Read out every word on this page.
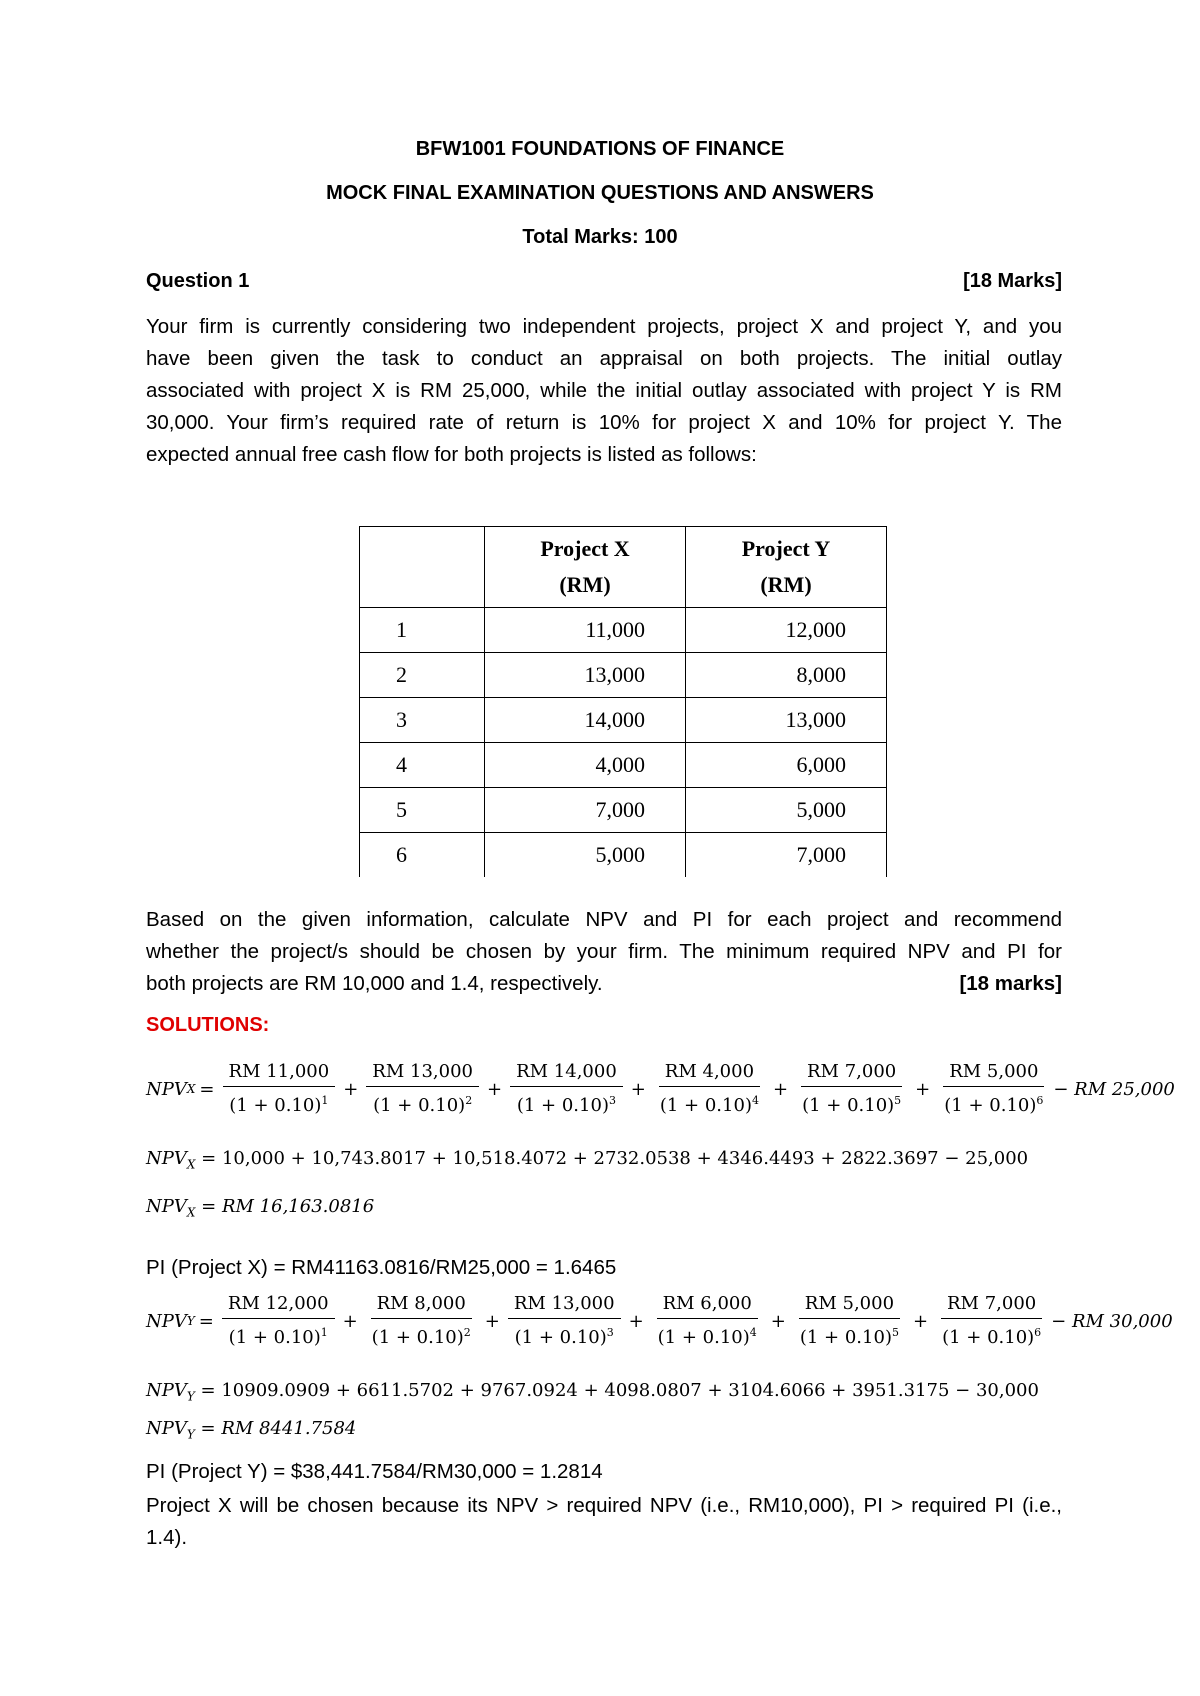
BFW1001 FOUNDATIONS OF FINANCE
MOCK FINAL EXAMINATION QUESTIONS AND ANSWERS
Total Marks: 100
Question 1	[18 Marks]
Your firm is currently considering two independent projects, project X and project Y, and you
have been given the task to conduct an appraisal on both projects. The initial outlay
associated with project X is RM 25,000, while the initial outlay associated with project Y is RM
30,000. Your firm’s required rate of return is 10% for project X and 10% for project Y. The
expected annual free cash flow for both projects is listed as follows:
	Project X
(RM)	Project Y
(RM)
1	11,000	12,000
2	13,000	8,000
3	14,000	13,000
4	4,000	6,000
5	7,000	5,000
6	5,000	7,000
Based on the given information, calculate NPV and PI for each project and recommend
whether the project/s should be chosen by your firm. The minimum required NPV and PI for
both projects are RM 10,000 and 1.4, respectively.	[18 marks]
SOLUTIONS:
NPV $X = \frac{RM 11,000}{(1 + 0.10)^1} + \frac{RM 13,000}{(1 + 0.10)^2} + \frac{RM 14,000}{(1 + 0.10)^3} + \frac{RM 4,000}{(1 + 0.10)^4} + \frac{RM 7,000}{(1 + 0.10)^5} + \frac{RM 5,000}{(1 + 0.10)^6}$ − RM 25,000
$NPV_X = 10,000 + 10,743.8017 + 10,518.4072 + 2732.0538 + 4346.4493 + 2822.3697 - 25,000$
$NPV_X$ = RM 16,163.0816
PI (Project X) = RM41163.0816/RM25,000 = 1.6465
NPV $Y = \frac{RM 12,000}{(1 + 0.10)^1} + \frac{RM 8,000}{(1 + 0.10)^2} + \frac{RM 13,000}{(1 + 0.10)^3} + \frac{RM 6,000}{(1 + 0.10)^4} + \frac{RM 5,000}{(1 + 0.10)^5} + \frac{RM 7,000}{(1 + 0.10)^6}$ − RM 30,000
$NPV_Y = 10909.0909 + 6611.5702 + 9767.0924 + 4098.0807 + 3104.6066 + 3951.3175 - 30,000$
$NPV_Y$ = RM 8441.7584
PI (Project Y) = $38,441.7584/RM30,000 = 1.2814
Project X will be chosen because its NPV > required NPV (i.e., RM10,000), PI > required PI (i.e.,
1.4).
